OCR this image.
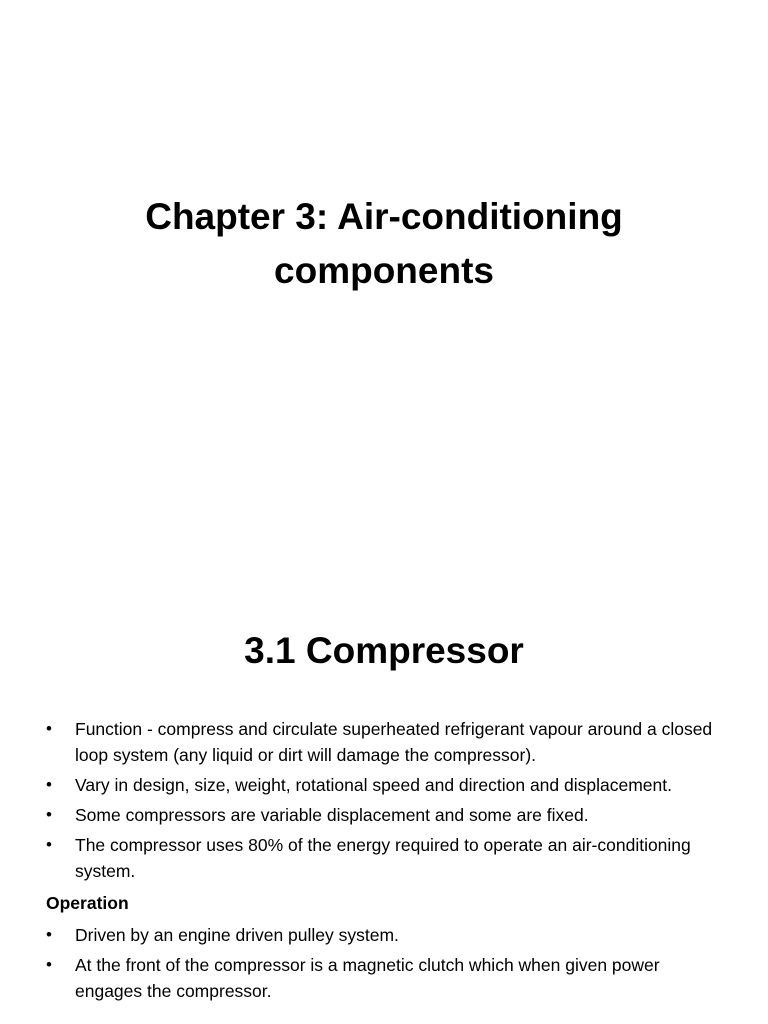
Chapter 3: Air-conditioning components
3.1 Compressor
•	Function - compress and circulate superheated refrigerant vapour around a closed loop system (any liquid or dirt will damage the compressor).
•	Vary in design, size, weight, rotational speed and direction and displacement.
•	Some compressors are variable displacement and some are fixed.
•	The compressor uses 80% of the energy required to operate an air-conditioning system.
Operation
•	Driven by an engine driven pulley system.
•	At the front of the compressor is a magnetic clutch which when given power engages the compressor.
